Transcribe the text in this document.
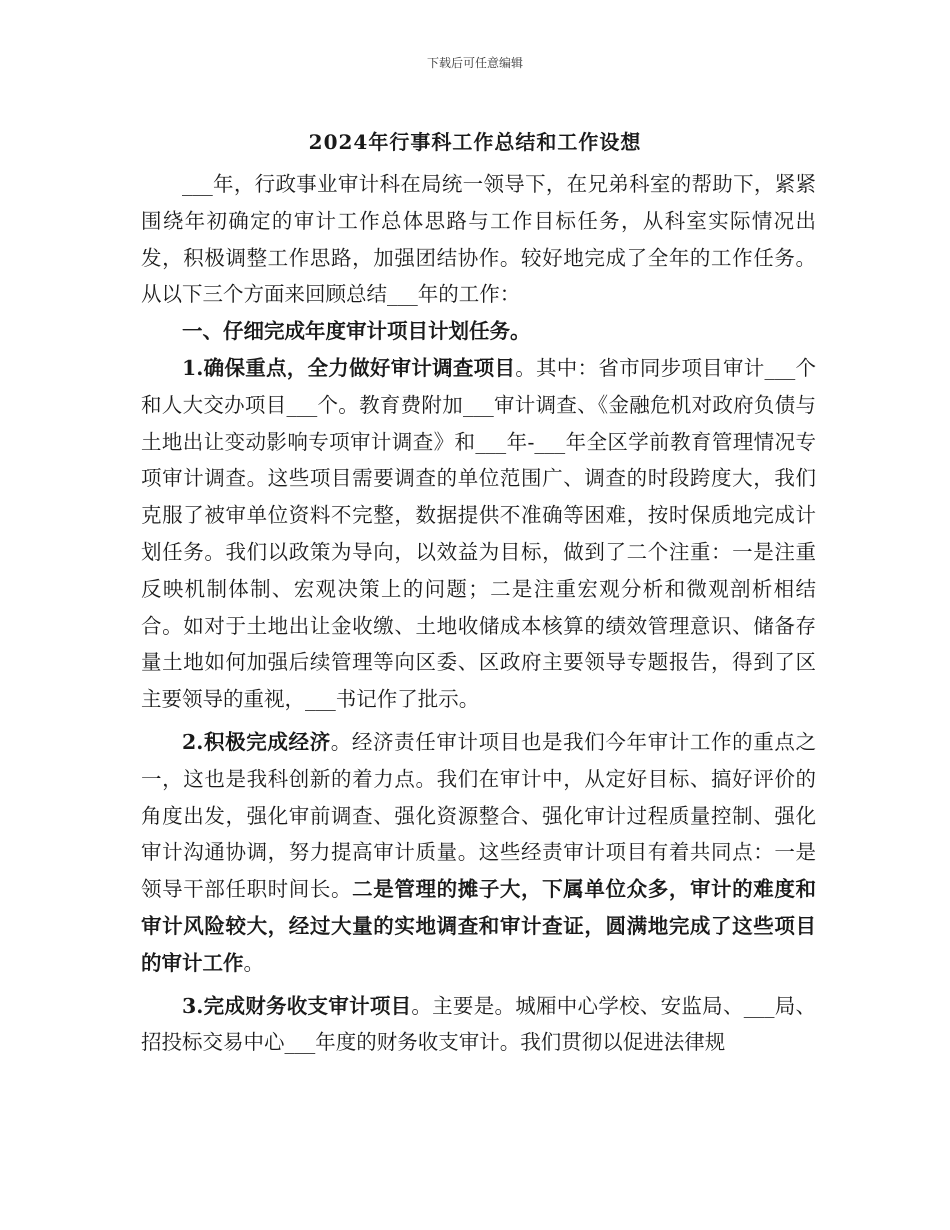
下载后可任意编辑
2024年行事科工作总结和工作设想

___年，行政事业审计科在局统一领导下，在兄弟科室的帮助下，紧紧围绕年初确定的审计工作总体思路与工作目标任务，从科室实际情况出发，积极调整工作思路，加强团结协作。较好地完成了全年的工作任务。从以下三个方面来回顾总结___年的工作：

一、仔细完成年度审计项目计划任务。

1.确保重点，全力做好审计调查项目。其中：省市同步项目审计___个和人大交办项目___个。教育费附加___审计调查、《金融危机对政府负债与土地出让变动影响专项审计调查》和___年-___年全区学前教育管理情况专项审计调查。这些项目需要调查的单位范围广、调查的时段跨度大，我们克服了被审单位资料不完整，数据提供不准确等困难，按时保质地完成计划任务。我们以政策为导向，以效益为目标，做到了二个注重：一是注重反映机制体制、宏观决策上的问题；二是注重宏观分析和微观剖析相结合。如对于土地出让金收缴、土地收储成本核算的绩效管理意识、储备存量土地如何加强后续管理等向区委、区政府主要领导专题报告，得到了区主要领导的重视，___书记作了批示。

2.积极完成经济。经济责任审计项目也是我们今年审计工作的重点之一，这也是我科创新的着力点。我们在审计中，从定好目标、搞好评价的角度出发，强化审前调查、强化资源整合、强化审计过程质量控制、强化审计沟通协调，努力提高审计质量。这些经责审计项目有着共同点：一是领导干部任职时间长。二是管理的摊子大，下属单位众多，审计的难度和审计风险较大，经过大量的实地调查和审计查证，圆满地完成了这些项目的审计工作。

3.完成财务收支审计项目。主要是。城厢中心学校、安监局、___局、招投标交易中心___年度的财务收支审计。我们贯彻以促进法律规
